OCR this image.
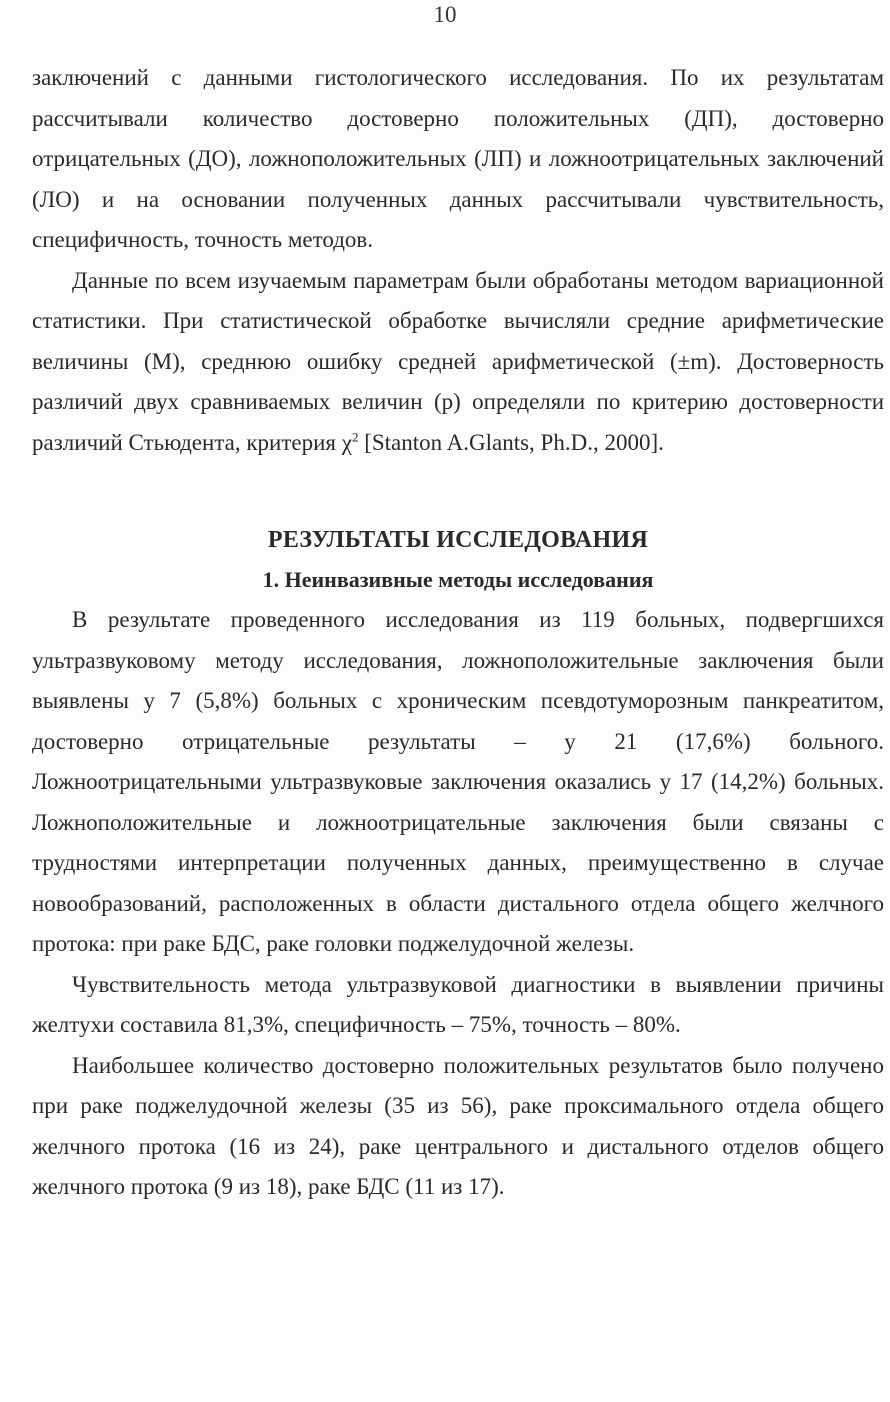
10

заключений с данными гистологического исследования. По их результатам рассчитывали количество достоверно положительных (ДП), достоверно отрицательных (ДО), ложноположительных (ЛП) и ложноотрицательных заключений (ЛО) и на основании полученных данных рассчитывали чувствительность, специфичность, точность методов.

Данные по всем изучаемым параметрам были обработаны методом вариационной статистики. При статистической обработке вычисляли средние арифметические величины (М), среднюю ошибку средней арифметической (±m). Достоверность различий двух сравниваемых величин (р) определяли по критерию достоверности различий Стьюдента, критерия $\chi^2$ [Stanton A.Glants, Ph.D., 2000].

РЕЗУЛЬТАТЫ ИССЛЕДОВАНИЯ
1. Неинвазивные методы исследования

В результате проведенного исследования из 119 больных, подвергшихся ультразвуковому методу исследования, ложноположительные заключения были выявлены у 7 (5,8%) больных с хроническим псевдотуморозным панкреатитом, достоверно отрицательные результаты – у 21 (17,6%) больного. Ложноотрицательными ультразвуковые заключения оказались у 17 (14,2%) больных. Ложноположительные и ложноотрицательные заключения были связаны с трудностями интерпретации полученных данных, преимущественно в случае новообразований, расположенных в области дистального отдела общего желчного протока: при раке БДС, раке головки поджелудочной железы.

Чувствительность метода ультразвуковой диагностики в выявлении причины желтухи составила 81,3%, специфичность – 75%, точность – 80%.

Наибольшее количество достоверно положительных результатов было получено при раке поджелудочной железы (35 из 56), раке проксимального отдела общего желчного протока (16 из 24), раке центрального и дистального отделов общего желчного протока (9 из 18), раке БДС (11 из 17).
